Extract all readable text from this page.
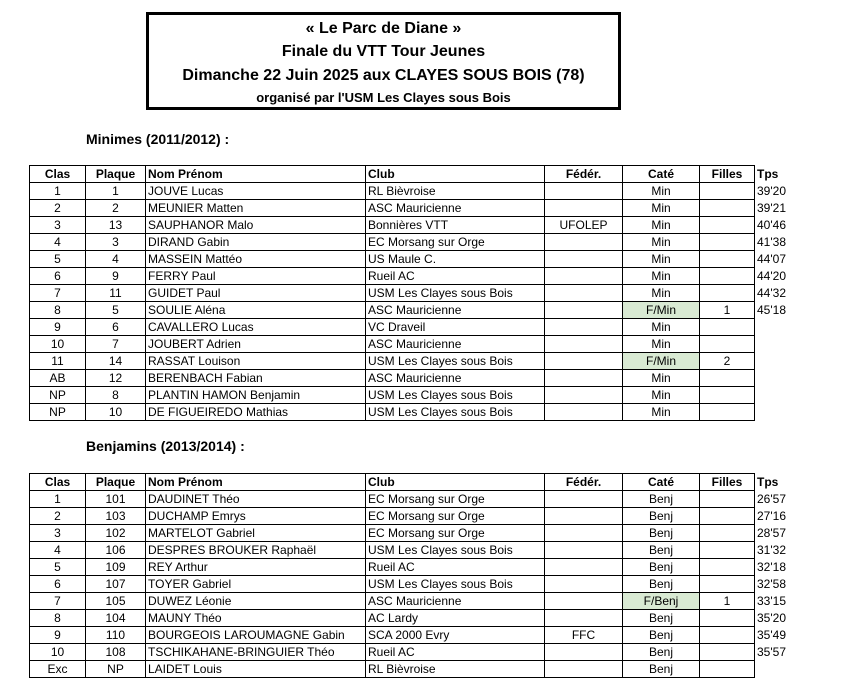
« Le Parc de Diane »
Finale du VTT Tour Jeunes
Dimanche 22 Juin 2025 aux CLAYES SOUS BOIS (78)
organisé par l'USM Les Clayes sous Bois
Minimes (2011/2012) :
Clas	Plaque	Nom Prénom	Club	Fédér.	Caté	Filles	Tps
1	1	JOUVE Lucas	RL Bièvroise		Min		39'20
2	2	MEUNIER Matten	ASC Mauricienne		Min		39'21
3	13	SAUPHANOR Malo	Bonnières VTT	UFOLEP	Min		40'46
4	3	DIRAND Gabin	EC Morsang sur Orge		Min		41'38
5	4	MASSEIN Mattéo	US Maule C.		Min		44'07
6	9	FERRY Paul	Rueil AC		Min		44'20
7	11	GUIDET Paul	USM Les Clayes sous Bois		Min		44'32
8	5	SOULIE Aléna	ASC Mauricienne		F/Min	1	45'18
9	6	CAVALLERO Lucas	VC Draveil		Min		
10	7	JOUBERT Adrien	ASC Mauricienne		Min		
11	14	RASSAT Louison	USM Les Clayes sous Bois		F/Min	2	
AB	12	BERENBACH Fabian	ASC Mauricienne		Min		
NP	8	PLANTIN HAMON Benjamin	USM Les Clayes sous Bois		Min		
NP	10	DE FIGUEIREDO Mathias	USM Les Clayes sous Bois		Min		
Benjamins (2013/2014) :
Clas	Plaque	Nom Prénom	Club	Fédér.	Caté	Filles	Tps
1	101	DAUDINET Théo	EC Morsang sur Orge		Benj		26'57
2	103	DUCHAMP Emrys	EC Morsang sur Orge		Benj		27'16
3	102	MARTELOT Gabriel	EC Morsang sur Orge		Benj		28'57
4	106	DESPRES BROUKER Raphaël	USM Les Clayes sous Bois		Benj		31'32
5	109	REY Arthur	Rueil AC		Benj		32'18
6	107	TOYER Gabriel	USM Les Clayes sous Bois		Benj		32'58
7	105	DUWEZ Léonie	ASC Mauricienne		F/Benj	1	33'15
8	104	MAUNY Théo	AC Lardy		Benj		35'20
9	110	BOURGEOIS LAROUMAGNE Gabin	SCA 2000 Evry	FFC	Benj		35'49
10	108	TSCHIKAHANE-BRINGUIER Théo	Rueil AC		Benj		35'57
Exc	NP	LAIDET Louis	RL Bièvroise		Benj		
